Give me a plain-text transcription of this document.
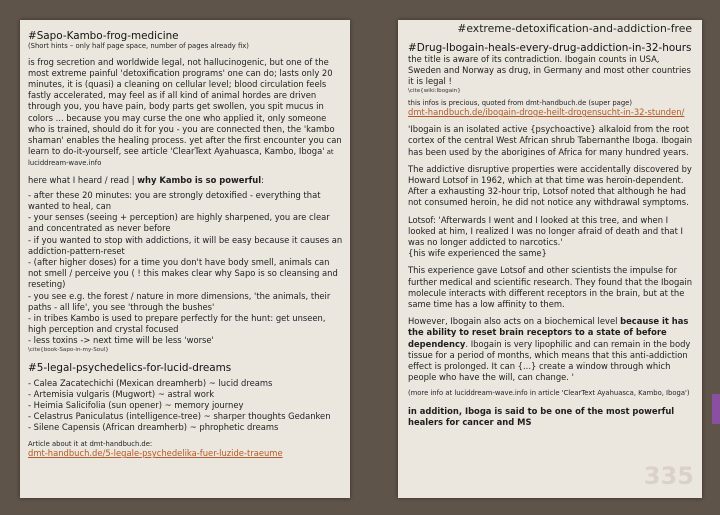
#Sapo-Kambo-frog-medicine
(Short hints – only half page space, number of pages already fix)
is frog secretion and worldwide legal, not hallucinogenic, but one of the most extreme painful 'detoxification programs' one can do; lasts only 20 minutes, it is (quasi) a cleaning on cellular level; blood circulation feels fastly accelerated, may feel as if all kind of animal hordes are driven through you, you have pain, body parts get swollen, you spit mucus in colors ... because you may curse the one who applied it, only someone who is trained, should do it for you - you are connected then, the 'kambo shaman' enables the healing process. yet after the first encounter you can learn to do-it-yourself, see article 'ClearText Ayahuasca, Kambo, Iboga' at luciddream-wave.info
here what I heard / read | why Kambo is so powerful:
- after these 20 minutes: you are strongly detoxified - everything that wanted to heal, can
- your senses (seeing + perception) are highly sharpened, you are clear and concentrated as never before
- if you wanted to stop with addictions, it will be easy because it causes an addiction-pattern-reset
- (after higher doses) for a time you don't have body smell, animals can not smell / perceive you ( ! this makes clear why Sapo is so cleansing and reseting)
- you see e.g. the forest / nature in more dimensions, 'the animals, their paths - all life', you see 'through the bushes'
- in tribes Kambo is used to prepare perfectly for the hunt: get unseen, high perception and crystal focused
- less toxins -> next time will be less 'worse'
\cite{book-Sapo-in-my-Soul}
#5-legal-psychedelics-for-lucid-dreams
- Calea Zacatechichi (Mexican dreamherb) ~ lucid dreams
- Artemisia vulgaris (Mugwort) ~ astral work
- Heimia Salicifolia (sun opener) ~ memory journey
- Celastrus Paniculatus (intelligence-tree) ~ sharper thoughts Gedanken
- Silene Capensis (African dreamherb) ~ phrophetic dreams
Article about it at dmt-handbuch.de:
dmt-handbuch.de/5-legale-psychedelika-fuer-luzide-traeume
#extreme-detoxification-and-addiction-free
#Drug-Ibogain-heals-every-drug-addiction-in-32-hours
the title is aware of its contradiction. Ibogain counts in USA, Sweden and Norway as drug, in Germany and most other countries it is legal !
\cite{wiki:Ibogain}
this infos is precious, quoted from dmt-handbuch.de (super page)
dmt-handbuch.de/ibogain-droge-heilt-drogensucht-in-32-stunden/
'Ibogain is an isolated active {psychoactive} alkaloid from the root cortex of the central West African shrub Tabernanthe Iboga. Ibogain has been used by the aborigines of Africa for many hundred years.
The addictive disruptive properties were accidentally discovered by Howard Lotsof in 1962, which at that time was heroin-dependent. After a exhausting 32-hour trip, Lotsof noted that although he had not consumed heroin, he did not notice any withdrawal symptoms.
Lotsof: 'Afterwards I went and I looked at this tree, and when I looked at him, I realized I was no longer afraid of death and that I was no longer addicted to narcotics.'
{his wife experienced the same}
This experience gave Lotsof and other scientists the impulse for further medical and scientific research. They found that the Ibogain molecule interacts with different receptors in the brain, but at the same time has a low affinity to them.
However, Ibogain also acts on a biochemical level because it has the ability to reset brain receptors to a state of before dependency. Ibogain is very lipophilic and can remain in the body tissue for a period of months, which means that this anti-addiction effect is prolonged. It can {...} create a window through which people who have the will, can change. '
(more info at luciddream-wave.info in article 'ClearText Ayahuasca, Kambo, Iboga')
in addition, Iboga is said to be one of the most powerful healers for cancer and MS
335
